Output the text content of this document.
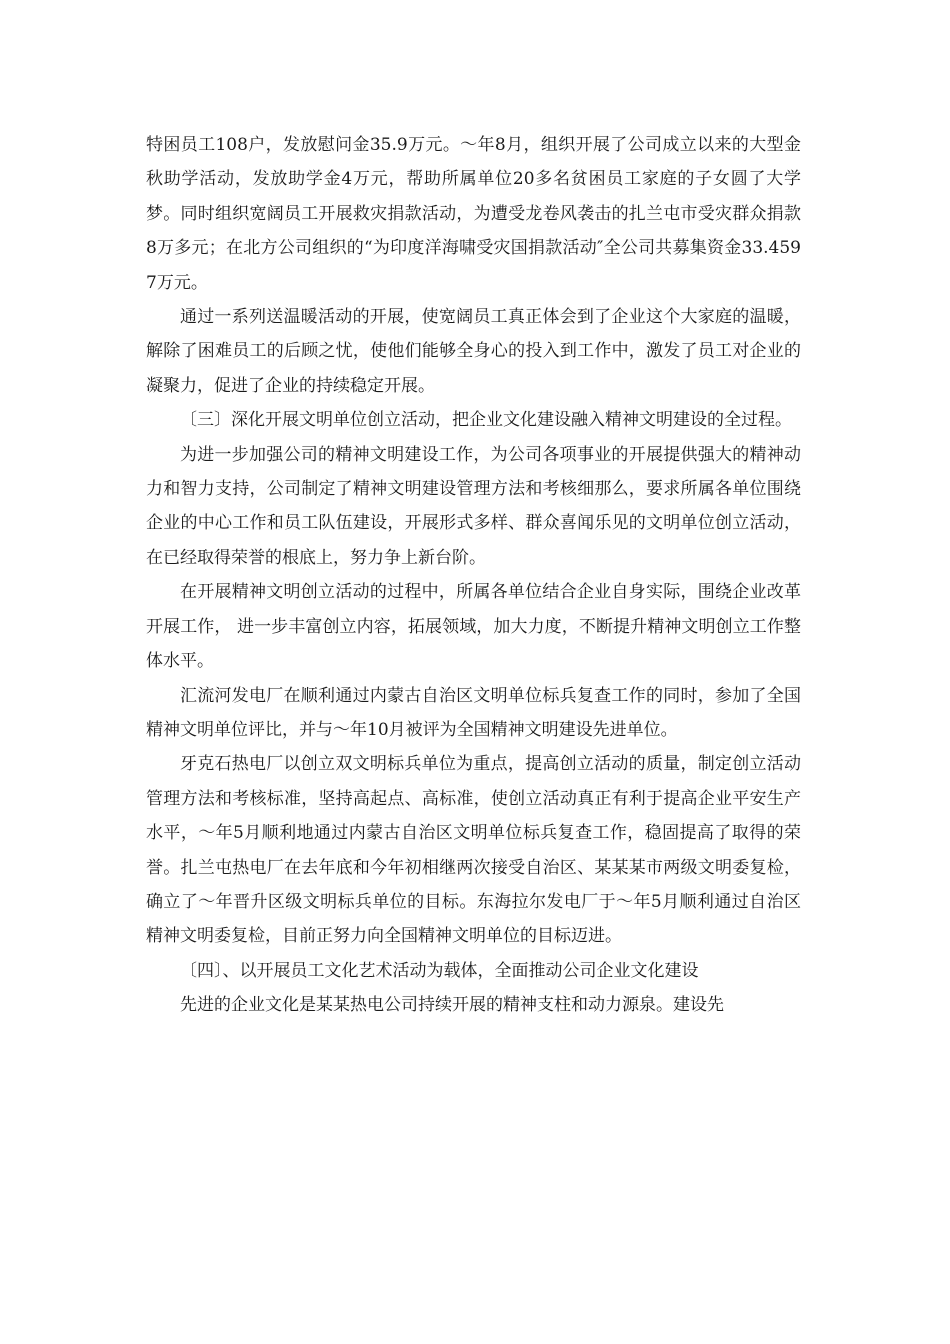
特困员工108户，发放慰问金35.9万元。～年8月，组织开展了公司成立以来的大型金秋助学活动，发放助学金4万元，帮助所属单位20多名贫困员工家庭的子女圆了大学梦。同时组织宽阔员工开展救灾捐款活动，为遭受龙卷风袭击的扎兰屯市受灾群众捐款8万多元；在北方公司组织的“为印度洋海啸受灾国捐款活动″全公司共募集资金33.4597万元。

通过一系列送温暖活动的开展，使宽阔员工真正体会到了企业这个大家庭的温暖，解除了困难员工的后顾之忧，使他们能够全身心的投入到工作中，激发了员工对企业的凝聚力，促进了企业的持续稳定开展。

〔三〕深化开展文明单位创立活动，把企业文化建设融入精神文明建设的全过程。

为进一步加强公司的精神文明建设工作，为公司各项事业的开展提供强大的精神动力和智力支持，公司制定了精神文明建设管理方法和考核细那么，要求所属各单位围绕企业的中心工作和员工队伍建设，开展形式多样、群众喜闻乐见的文明单位创立活动，在已经取得荣誉的根底上，努力争上新台阶。

在开展精神文明创立活动的过程中，所属各单位结合企业自身实际，围绕企业改革开展工作， 进一步丰富创立内容，拓展领域，加大力度，不断提升精神文明创立工作整体水平。

汇流河发电厂在顺利通过内蒙古自治区文明单位标兵复查工作的同时，参加了全国精神文明单位评比，并与～年10月被评为全国精神文明建设先进单位。

牙克石热电厂以创立双文明标兵单位为重点，提高创立活动的质量，制定创立活动管理方法和考核标准，坚持高起点、高标准，使创立活动真正有利于提高企业平安生产水平，～年5月顺利地通过内蒙古自治区文明单位标兵复查工作，稳固提高了取得的荣誉。扎兰屯热电厂在去年底和今年初相继两次接受自治区、某某某市两级文明委复检，确立了～年晋升区级文明标兵单位的目标。东海拉尔发电厂于～年5月顺利通过自治区精神文明委复检，目前正努力向全国精神文明单位的目标迈进。

〔四〕、以开展员工文化艺术活动为载体，全面推动公司企业文化建设

先进的企业文化是某某热电公司持续开展的精神支柱和动力源泉。建设先
